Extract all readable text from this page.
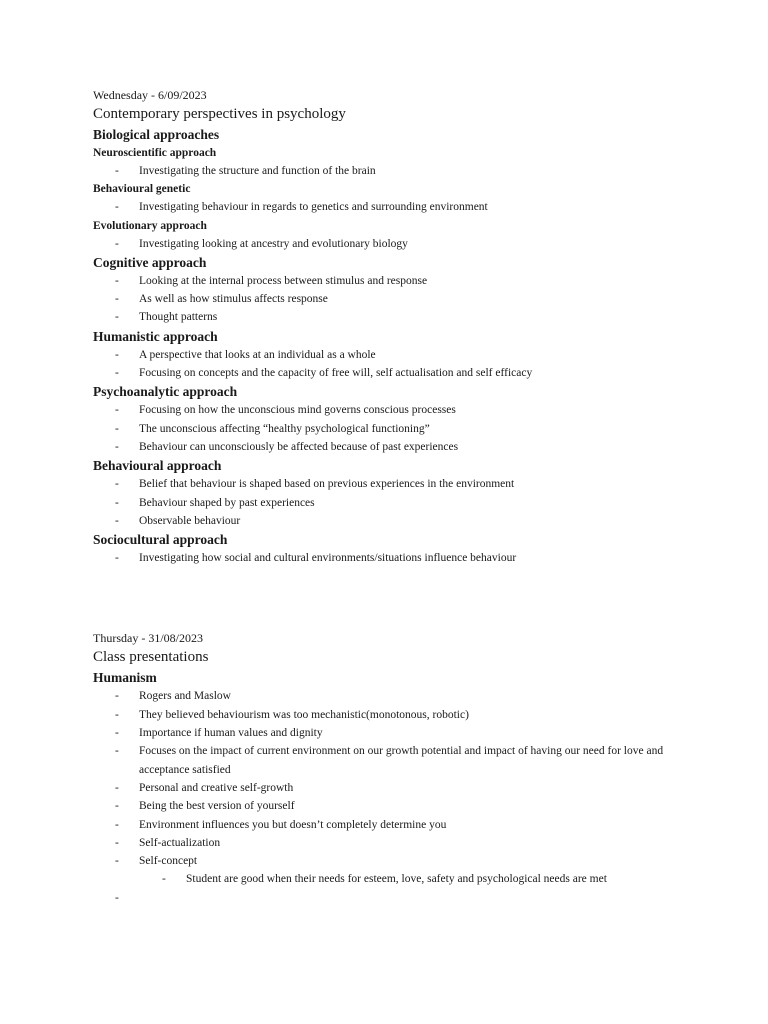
Wednesday - 6/09/2023
Contemporary perspectives in psychology
Biological approaches
Neuroscientific approach
- Investigating the structure and function of the brain
Behavioural genetic
- Investigating behaviour in regards to genetics and surrounding environment
Evolutionary approach
- Investigating looking at ancestry and evolutionary biology
Cognitive approach
- Looking at the internal process between stimulus and response
- As well as how stimulus affects response
- Thought patterns
Humanistic approach
- A perspective that looks at an individual as a whole
- Focusing on concepts and the capacity of free will, self actualisation and self efficacy
Psychoanalytic approach
- Focusing on how the unconscious mind governs conscious processes
- The unconscious affecting “healthy psychological functioning”
- Behaviour can unconsciously be affected because of past experiences
Behavioural approach
- Belief that behaviour is shaped based on previous experiences in the environment
- Behaviour shaped by past experiences
- Observable behaviour
Sociocultural approach
- Investigating how social and cultural environments/situations influence behaviour
Thursday - 31/08/2023
Class presentations
Humanism
- Rogers and Maslow
- They believed behaviourism was too mechanistic(monotonous, robotic)
- Importance if human values and dignity
- Focuses on the impact of current environment on our growth potential and impact of having our need for love and acceptance satisfied
- Personal and creative self-growth
- Being the best version of yourself
- Environment influences you but doesn’t completely determine you
- Self-actualization
- Self-concept
- Student are good when their needs for esteem, love, safety and psychological needs are met
-
